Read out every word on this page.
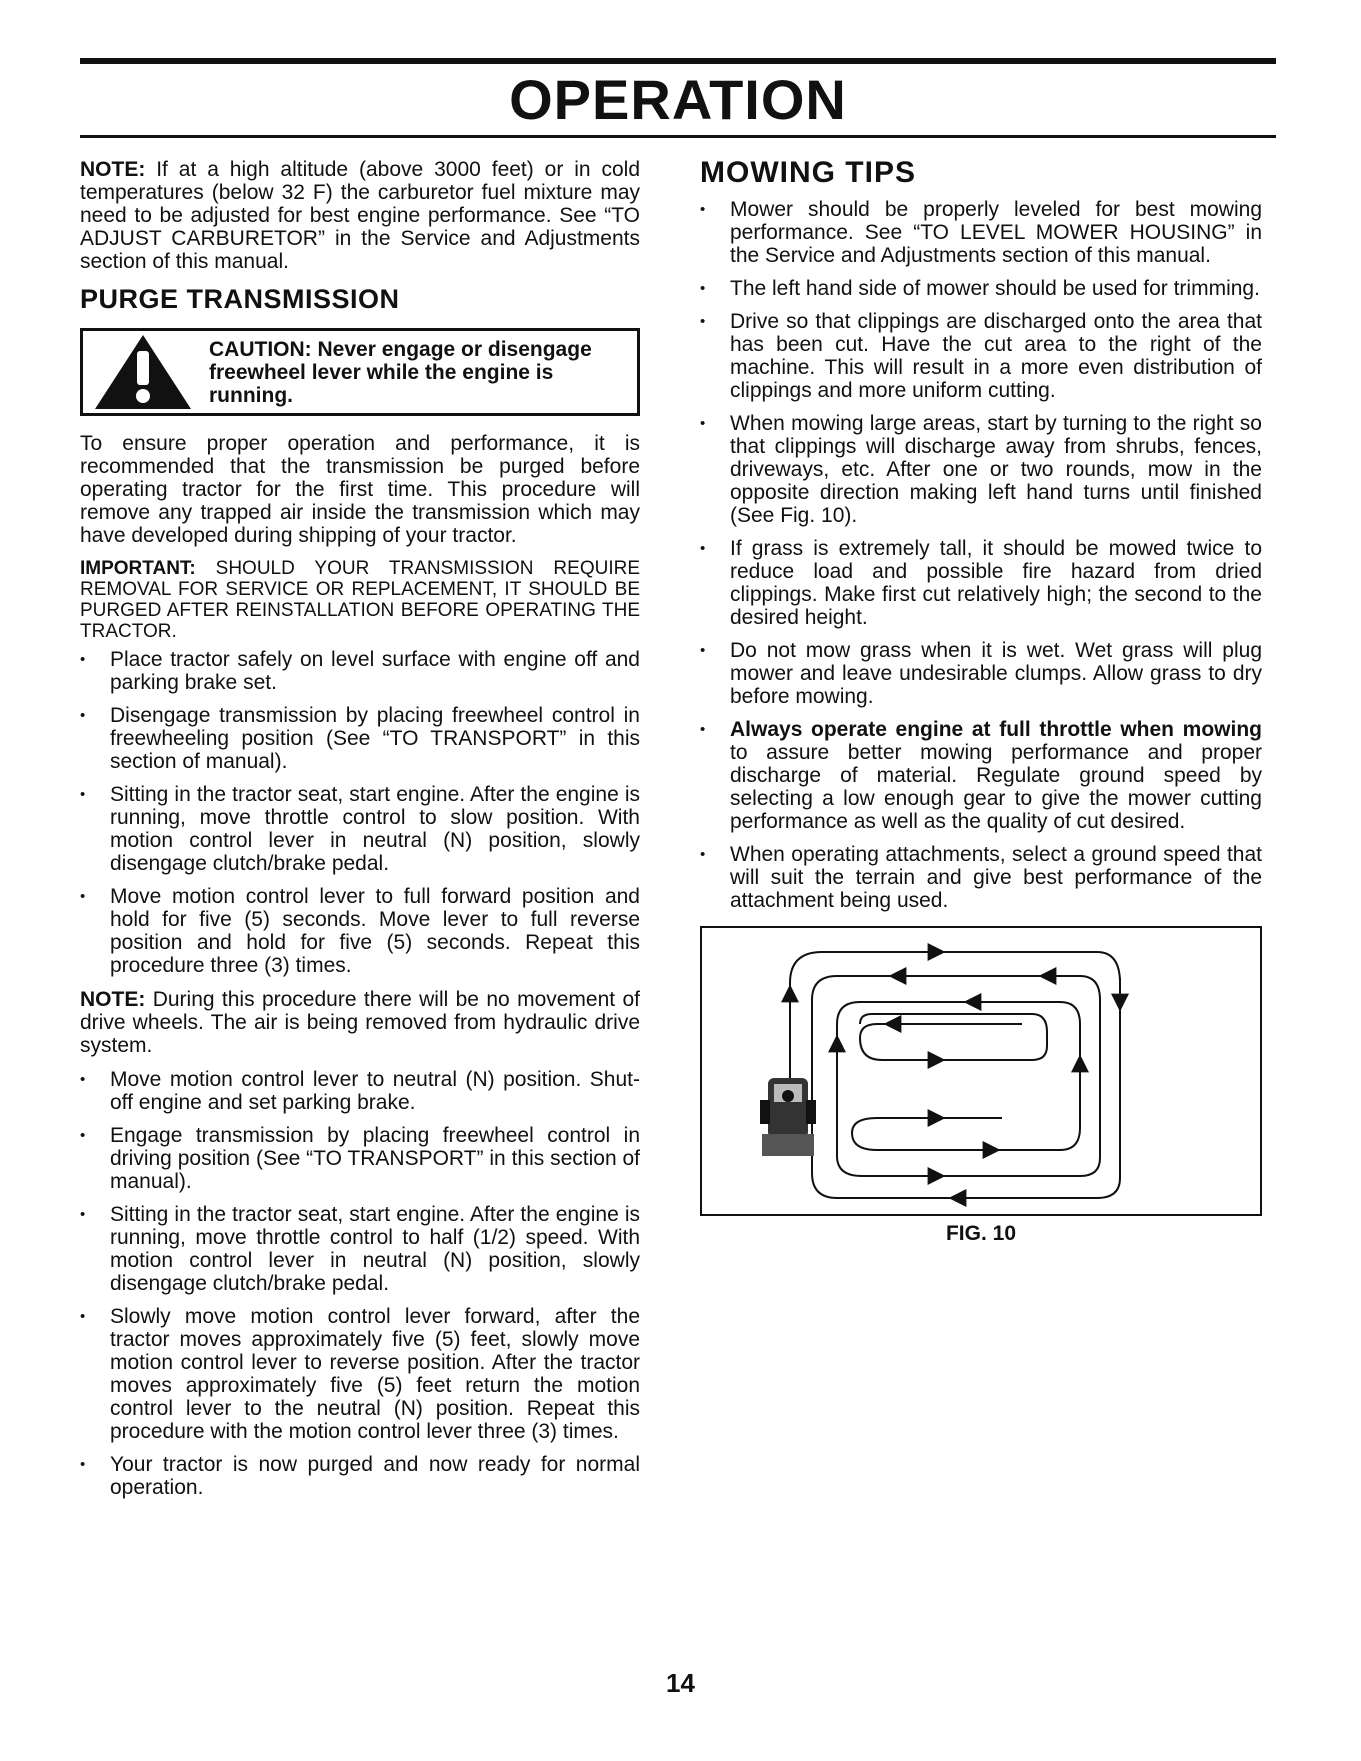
OPERATION

NOTE: If at a high altitude (above 3000 feet) or in cold temperatures (below 32 F) the carburetor fuel mixture may need to be adjusted for best engine performance. See “TO ADJUST CARBURETOR” in the Service and Adjustments section of this manual.

PURGE TRANSMISSION
CAUTION: Never engage or disengage freewheel lever while the engine is running.

To ensure proper operation and performance, it is recommended that the transmission be purged before operating tractor for the first time. This procedure will remove any trapped air inside the transmission which may have developed during shipping of your tractor.

IMPORTANT: SHOULD YOUR TRANSMISSION REQUIRE REMOVAL FOR SERVICE OR REPLACEMENT, IT SHOULD BE PURGED AFTER REINSTALLATION BEFORE OPERATING THE TRACTOR.

• Place tractor safely on level surface with engine off and parking brake set.
• Disengage transmission by placing freewheel control in freewheeling position (See “TO TRANSPORT” in this section of manual).
• Sitting in the tractor seat, start engine. After the engine is running, move throttle control to slow position. With motion control lever in neutral (N) position, slowly disengage clutch/brake pedal.
• Move motion control lever to full forward position and hold for five (5) seconds. Move lever to full reverse position and hold for five (5) seconds. Repeat this procedure three (3) times.

NOTE: During this procedure there will be no movement of drive wheels. The air is being removed from hydraulic drive system.

• Move motion control lever to neutral (N) position. Shut-off engine and set parking brake.
• Engage transmission by placing freewheel control in driving position (See “TO TRANSPORT” in this section of manual).
• Sitting in the tractor seat, start engine. After the engine is running, move throttle control to half (1/2) speed. With motion control lever in neutral (N) position, slowly disengage clutch/brake pedal.
• Slowly move motion control lever forward, after the tractor moves approximately five (5) feet, slowly move motion control lever to reverse position. After the tractor moves approximately five (5) feet return the motion control lever to the neutral (N) position. Repeat this procedure with the motion control lever three (3) times.
• Your tractor is now purged and now ready for normal operation.
MOWING TIPS
• Mower should be properly leveled for best mowing performance. See “TO LEVEL MOWER HOUSING” in the Service and Adjustments section of this manual.
• The left hand side of mower should be used for trimming.
• Drive so that clippings are discharged onto the area that has been cut. Have the cut area to the right of the machine. This will result in a more even distribution of clippings and more uniform cutting.
• When mowing large areas, start by turning to the right so that clippings will discharge away from shrubs, fences, driveways, etc. After one or two rounds, mow in the opposite direction making left hand turns until finished (See Fig. 10).
• If grass is extremely tall, it should be mowed twice to reduce load and possible fire hazard from dried clippings. Make first cut relatively high; the second to the desired height.
• Do not mow grass when it is wet. Wet grass will plug mower and leave undesirable clumps. Allow grass to dry before mowing.
• Always operate engine at full throttle when mowing to assure better mowing performance and proper discharge of material. Regulate ground speed by selecting a low enough gear to give the mower cutting performance as well as the quality of cut desired.
• When operating attachments, select a ground speed that will suit the terrain and give best performance of the attachment being used.
FIG. 10
14
